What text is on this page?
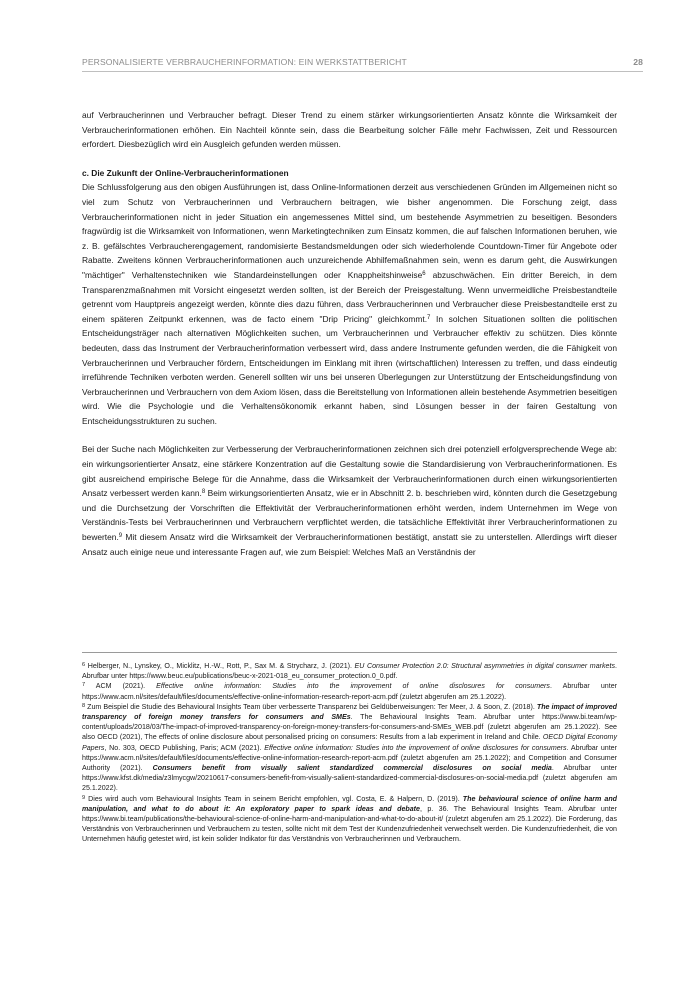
PERSONALISIERTE VERBRAUCHERINFORMATION: EIN WERKSTATTBERICHT	28

auf Verbraucherinnen und Verbraucher befragt. Dieser Trend zu einem stärker wirkungsorientierten Ansatz könnte die Wirksamkeit der Verbraucherinformationen erhöhen. Ein Nachteil könnte sein, dass die Bearbeitung solcher Fälle mehr Fachwissen, Zeit und Ressourcen erfordert. Diesbezüglich wird ein Ausgleich gefunden werden müssen.

c. Die Zukunft der Online-Verbraucherinformationen

Die Schlussfolgerung aus den obigen Ausführungen ist, dass Online-Informationen derzeit aus verschiedenen Gründen im Allgemeinen nicht so viel zum Schutz von Verbraucherinnen und Verbrauchern beitragen, wie bisher angenommen. Die Forschung zeigt, dass Verbraucherinformationen nicht in jeder Situation ein angemessenes Mittel sind, um bestehende Asymmetrien zu beseitigen. Besonders fragwürdig ist die Wirksamkeit von Informationen, wenn Marketingtechniken zum Einsatz kommen, die auf falschen Informationen beruhen, wie z. B. gefälschtes Verbraucherengagement, randomisierte Bestandsmeldungen oder sich wiederholende Countdown-Timer für Angebote oder Rabatte. Zweitens können Verbraucherinformationen auch unzureichende Abhilfemaßnahmen sein, wenn es darum geht, die Auswirkungen "mächtiger" Verhaltenstechniken wie Standardeinstellungen oder Knappheitshinweise$^6$ abzuschwächen. Ein dritter Bereich, in dem Transparenzmaßnahmen mit Vorsicht eingesetzt werden sollten, ist der Bereich der Preisgestaltung. Wenn unvermeidliche Preisbestandteile getrennt vom Hauptpreis angezeigt werden, könnte dies dazu führen, dass Verbraucherinnen und Verbraucher diese Preisbestandteile erst zu einem späteren Zeitpunkt erkennen, was de facto einem "Drip Pricing" gleichkommt.$^7$ In solchen Situationen sollten die politischen Entscheidungsträger nach alternativen Möglichkeiten suchen, um Verbraucherinnen und Verbraucher effektiv zu schützen. Dies könnte bedeuten, dass das Instrument der Verbraucherinformation verbessert wird, dass andere Instrumente gefunden werden, die die Fähigkeit von Verbraucherinnen und Verbraucher fördern, Entscheidungen im Einklang mit ihren (wirtschaftlichen) Interessen zu treffen, und dass eindeutig irreführende Techniken verboten werden. Generell sollten wir uns bei unseren Überlegungen zur Unterstützung der Entscheidungsfindung von Verbraucherinnen und Verbrauchern von dem Axiom lösen, dass die Bereitstellung von Informationen allein bestehende Asymmetrien beseitigen wird. Wie die Psychologie und die Verhaltensökonomik erkannt haben, sind Lösungen besser in der fairen Gestaltung von Entscheidungsstrukturen zu suchen.

Bei der Suche nach Möglichkeiten zur Verbesserung der Verbraucherinformationen zeichnen sich drei potenziell erfolgversprechende Wege ab: ein wirkungsorientierter Ansatz, eine stärkere Konzentration auf die Gestaltung sowie die Standardisierung von Verbraucherinformationen. Es gibt ausreichend empirische Belege für die Annahme, dass die Wirksamkeit der Verbraucherinformationen durch einen wirkungsorientierten Ansatz verbessert werden kann.$^8$ Beim wirkungsorientierten Ansatz, wie er in Abschnitt 2. b. beschrieben wird, könnten durch die Gesetzgebung und die Durchsetzung der Vorschriften die Effektivität der Verbraucherinformationen erhöht werden, indem Unternehmen im Wege von Verständnis-Tests bei Verbraucherinnen und Verbrauchern verpflichtet werden, die tatsächliche Effektivität ihrer Verbraucherinformationen zu bewerten.$^9$ Mit diesem Ansatz wird die Wirksamkeit der Verbraucherinformationen bestätigt, anstatt sie zu unterstellen. Allerdings wirft dieser Ansatz auch einige neue und interessante Fragen auf, wie zum Beispiel: Welches Maß an Verständnis der

$^6$ Helberger, N., Lynskey, O., Micklitz, H.-W., Rott, P., Sax M. & Strycharz, J. (2021). EU Consumer Protection 2.0: Structural asymmetries in digital consumer markets. Abrufbar unter https://www.beuc.eu/publications/beuc-x-2021-018_eu_consumer_protection.0_0.pdf.

$^7$ ACM (2021). Effective online information: Studies into the improvement of online disclosures for consumers. Abrufbar unter https://www.acm.nl/sites/default/files/documents/effective-online-information-research-report-acm.pdf (zuletzt abgerufen am 25.1.2022).

$^8$ Zum Beispiel die Studie des Behavioural Insights Team über verbesserte Transparenz bei Geldüberweisungen: Ter Meer, J. & Soon, Z. (2018). The impact of improved transparency of foreign money transfers for consumers and SMEs. The Behavioural Insights Team. Abrufbar unter https://www.bi.team/wp-content/uploads/2018/03/The-impact-of-improved-transparency-on-foreign-money-transfers-for-consumers-and-SMEs_WEB.pdf (zuletzt abgerufen am 25.1.2022). See also OECD (2021), The effects of online disclosure about personalised pricing on consumers: Results from a lab experiment in Ireland and Chile. OECD Digital Economy Papers, No. 303, OECD Publishing, Paris; ACM (2021). Effective online information: Studies into the improvement of online disclosures for consumers. Abrufbar unter https://www.acm.nl/sites/default/files/documents/effective-online-information-research-report-acm.pdf (zuletzt abgerufen am 25.1.2022); and Competition and Consumer Authority (2021). Consumers benefit from visually salient standardized commercial disclosures on social media. Abrufbar unter https://www.kfst.dk/media/z3lmycgw/20210617-consumers-benefit-from-visually-salient-standardized-commercial-disclosures-on-social-media.pdf (zuletzt abgerufen am 25.1.2022).

$^9$ Dies wird auch vom Behavioural Insights Team in seinem Bericht empfohlen, vgl. Costa, E. & Halpern, D. (2019). The behavioural science of online harm and manipulation, and what to do about it: An exploratory paper to spark ideas and debate, p. 36. The Behavioural Insights Team. Abrufbar unter https://www.bi.team/publications/the-behavioural-science-of-online-harm-and-manipulation-and-what-to-do-about-it/ (zuletzt abgerufen am 25.1.2022). Die Forderung, das Verständnis von Verbraucherinnen und Verbrauchern zu testen, sollte nicht mit dem Test der Kundenzufriedenheit verwechselt werden. Die Kundenzufriedenheit, die von Unternehmen häufig getestet wird, ist kein solider Indikator für das Verständnis von Verbraucherinnen und Verbrauchern.
